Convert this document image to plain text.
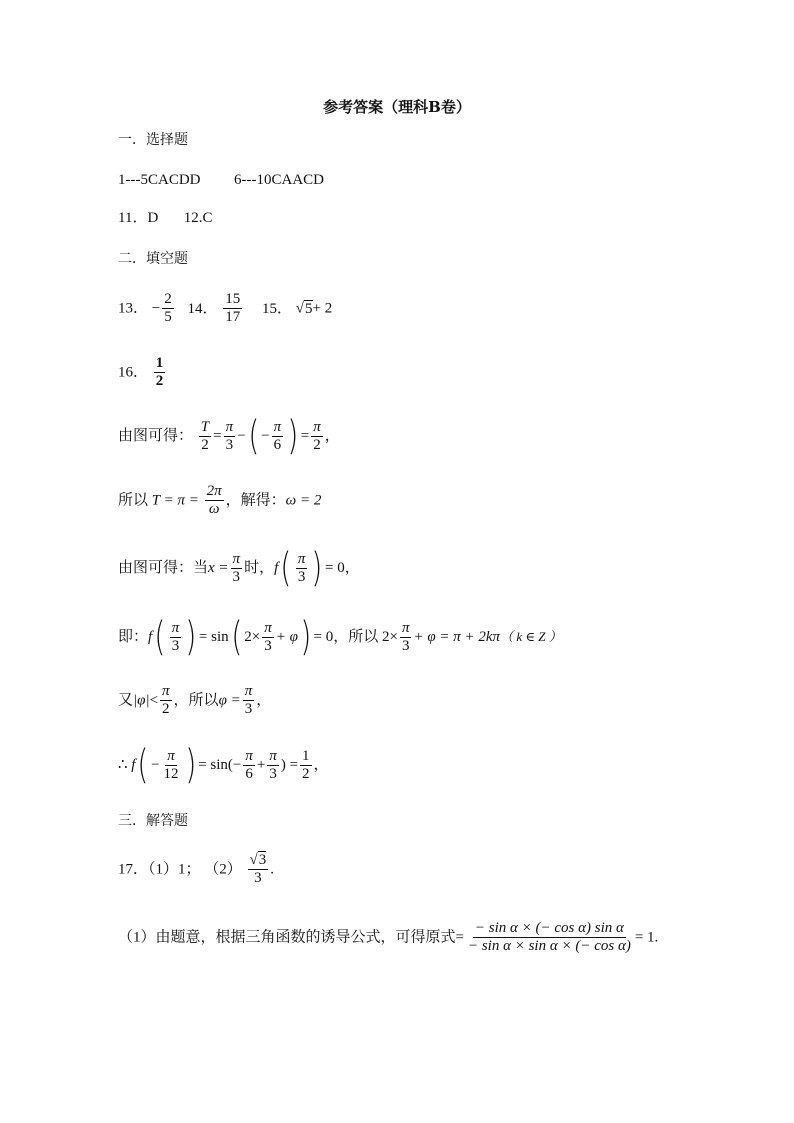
参考答案（理科B卷）
一．选择题
1---5CACDD 6---10CAACD
11．D 12.C
二．填空题
13． − $\frac{2}{5} 14$． $\frac{15}{17} 15$． √5+ 2
16． $\frac{1}{2}$
由图可得： $\frac{T}{2} = \frac{\pi}{3}$ −( − $\frac{\pi}{6}$ ) = $\frac{\pi}{2}$ ，
所以 $T = \pi = \frac{2\pi}{\omega}$ ，解得：ω = 2
由图可得：当$x = \frac{\pi}{3}$ 时，$f( \frac{\pi}{3}$ ) = 0，
即：$f( \frac{\pi}{3}$ ) = sin( $2\times \frac{\pi}{3} + \varphi) = 0$，所以 $2\times \frac{\pi}{3} + \varphi = \pi + 2k\pi$（ k ∈ Z ）
又$|\varphi|< \frac{\pi}{2}$ ，所以$\varphi = \frac{\pi}{3}$ ，
∴ $f( - \frac{\pi}{12}$ ) = $\sin(- \frac{\pi}{6} + \frac{\pi}{3}$ ) = $\frac{1}{2}$ ，
三．解答题
17．（1）1； $(2) \frac{√3}{3}$ .
（1）由题意，根据三角函数的诱导公式，可得原式= $\frac{\text{− sin α × (− cos α) sin α}}{\text{− sin α × sin α × (− cos α)}} = 1$.
